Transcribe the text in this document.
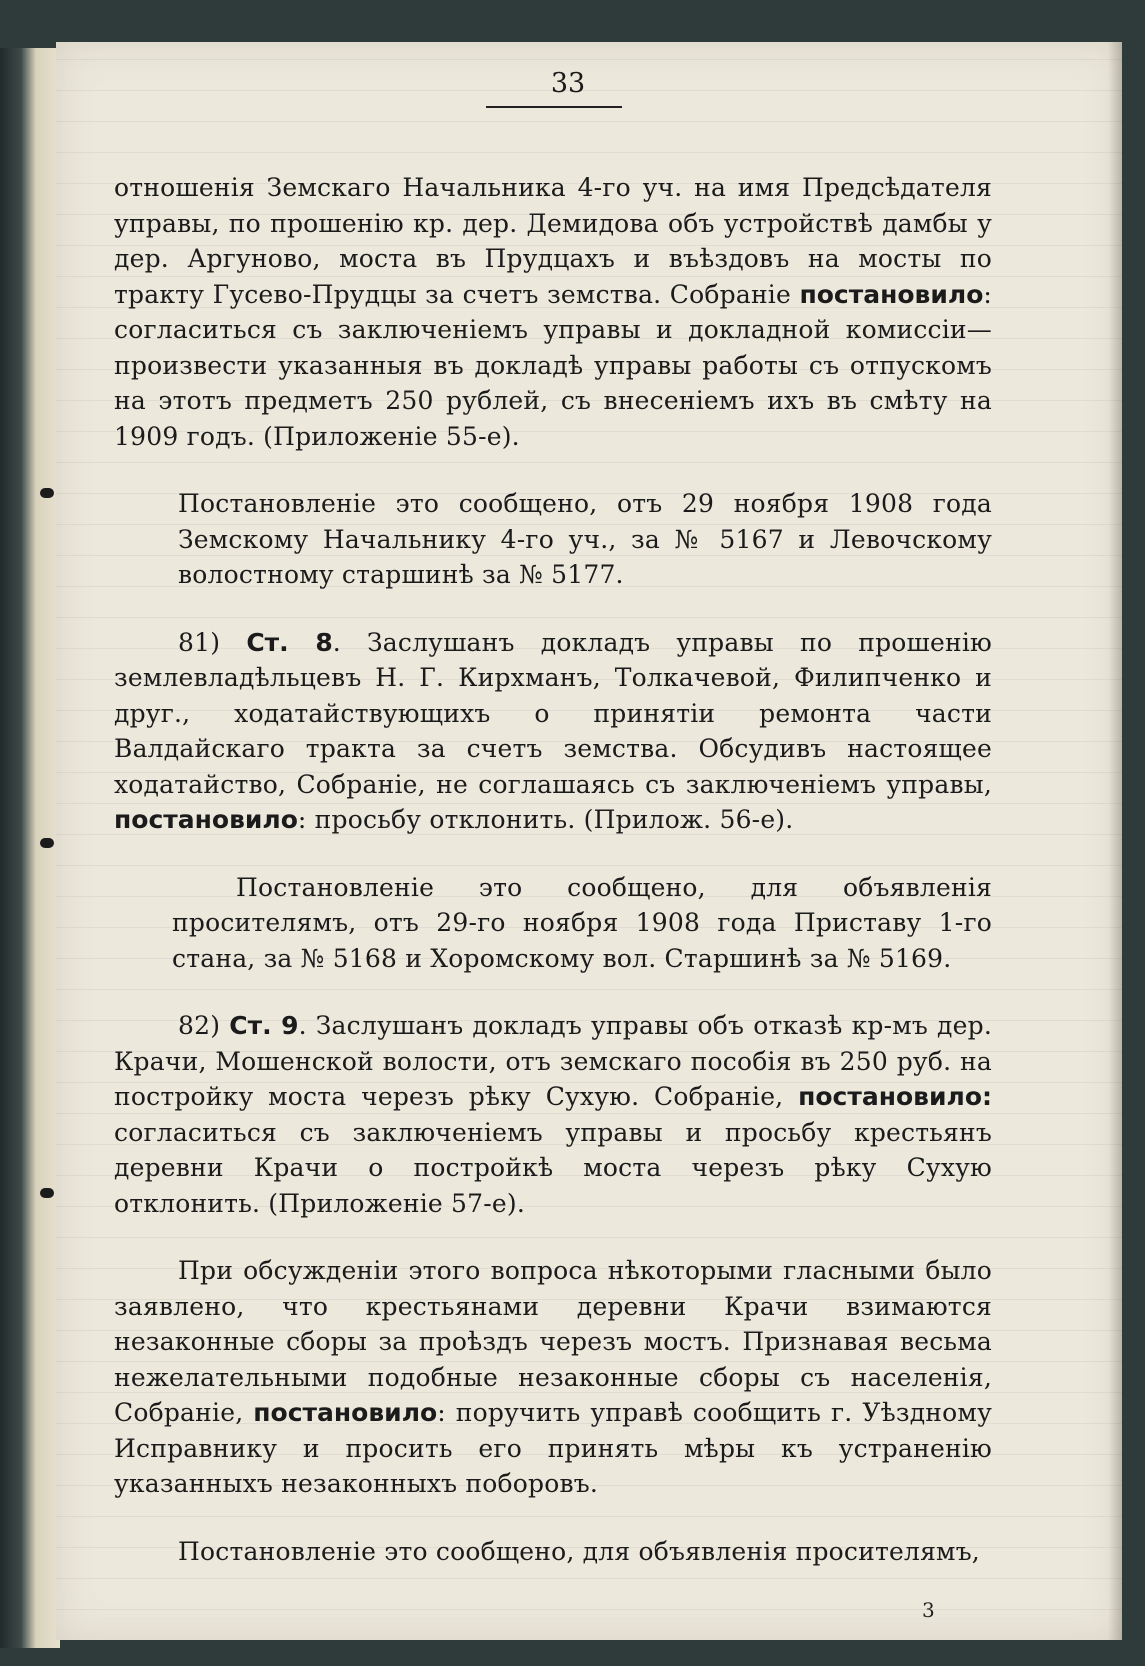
33

отношенія Земскаго Начальника 4-го уч. на имя Предсѣдателя управы, по прошенію кр. дер. Демидова объ устройствѣ дамбы у дер. Аргуново, моста въ Прудцахъ и въѣздовъ на мосты по тракту Гусево-Прудцы за счетъ земства. Собраніе постановило: согласиться съ заключеніемъ управы и докладной комиссіи—произвести указанныя въ докладѣ управы работы съ отпускомъ на этотъ предметъ 250 рублей, съ внесеніемъ ихъ въ смѣту на 1909 годъ. (Приложеніе 55-е).

Постановленіе это сообщено, отъ 29 ноября 1908 года Земскому Начальнику 4-го уч., за № 5167 и Левочскому волостному старшинѣ за № 5177.

81) Ст. 8. Заслушанъ докладъ управы по прошенію землевладѣльцевъ Н. Г. Кирхманъ, Толкачевой, Филипченко и друг., ходатайствующихъ о принятіи ремонта части Валдайскаго тракта за счетъ земства. Обсудивъ настоящее ходатайство, Собраніе, не соглашаясь съ заключеніемъ управы, постановило: просьбу отклонить. (Прилож. 56-е).

Постановленіе это сообщено, для объявленія просителямъ, отъ 29-го ноября 1908 года Приставу 1-го стана, за № 5168 и Хоромскому вол. Старшинѣ за № 5169.

82) Ст. 9. Заслушанъ докладъ управы объ отказѣ кр-мъ дер. Крачи, Мошенской волости, отъ земскаго пособія въ 250 руб. на постройку моста черезъ рѣку Сухую. Собраніе, постановило: согласиться съ заключеніемъ управы и просьбу крестьянъ деревни Крачи о постройкѣ моста черезъ рѣку Сухую отклонить. (Приложеніе 57-е).

При обсужденіи этого вопроса нѣкоторыми гласными было заявлено, что крестьянами деревни Крачи взимаются незаконные сборы за проѣздъ черезъ мостъ. Признавая весьма нежелательными подобные незаконные сборы съ населенія, Собраніе, постановило: поручить управѣ сообщить г. Уѣздному Исправнику и просить его принять мѣры къ устраненію указанныхъ незаконныхъ поборовъ.

Постановленіе это сообщено, для объявленія просителямъ,

3
